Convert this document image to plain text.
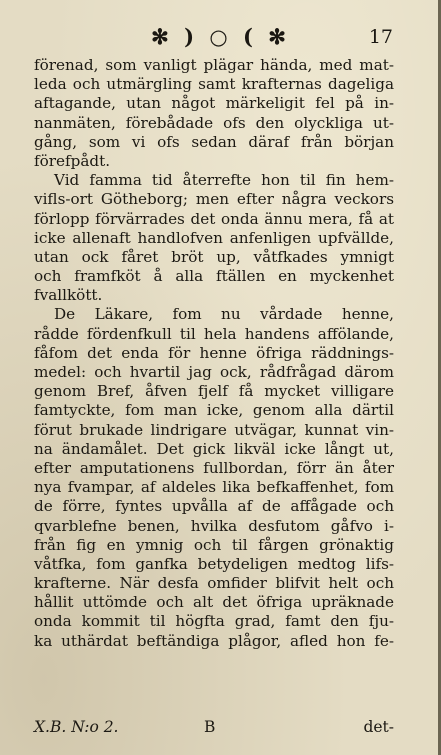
✻ ) ○ ( ✻	17
förenad, som vanligt plägar hända, med mat-
leda och utmärgling samt krafternas dageliga
aftagande, utan något märkeligit fel på in-
nanmäten, förebådade ofs den olyckliga ut-
gång, som vi ofs sedan däraf från början
förefpådt.
Vid famma tid återrefte hon til fin hem-
vifls-ort Götheborg; men efter några veckors
förlopp förvärrades det onda ännu mera, få at
icke allenaft handlofven anfenligen upfvällde,
utan ock fåret bröt up, våtfkades ymnigt
och framfköt å alla ftällen en myckenhet
fvallkött.
De Läkare, fom nu vårdade henne,
rådde fördenfkull til hela handens affölande,
fåfom det enda för henne öfriga räddnings-
medel: och hvartil jag ock, rådfrågad därom
genom Bref, åfven fjelf få mycket villigare
famtyckte, fom man icke, genom alla därtil
förut brukade lindrigare utvägar, kunnat vin-
na ändamålet. Det gick likväl icke långt ut,
efter amputationens fullbordan, förr än åter
nya fvampar, af aldeles lika befkaffenhet, fom
de förre, fyntes upvålla af de affågade och
qvarblefne benen, hvilka desfutom gåfvo i-
från fig en ymnig och til fårgen grönaktig
våtfka, fom ganfka betydeligen medtog lifs-
krafterne. När desfa omfider blifvit helt och
hållit uttömde och alt det öfriga upräknade
onda kommit til högfta grad, famt den fju-
ka uthärdat beftändiga plågor, afled hon fe-
X.B. N:o 2.	B	det-
